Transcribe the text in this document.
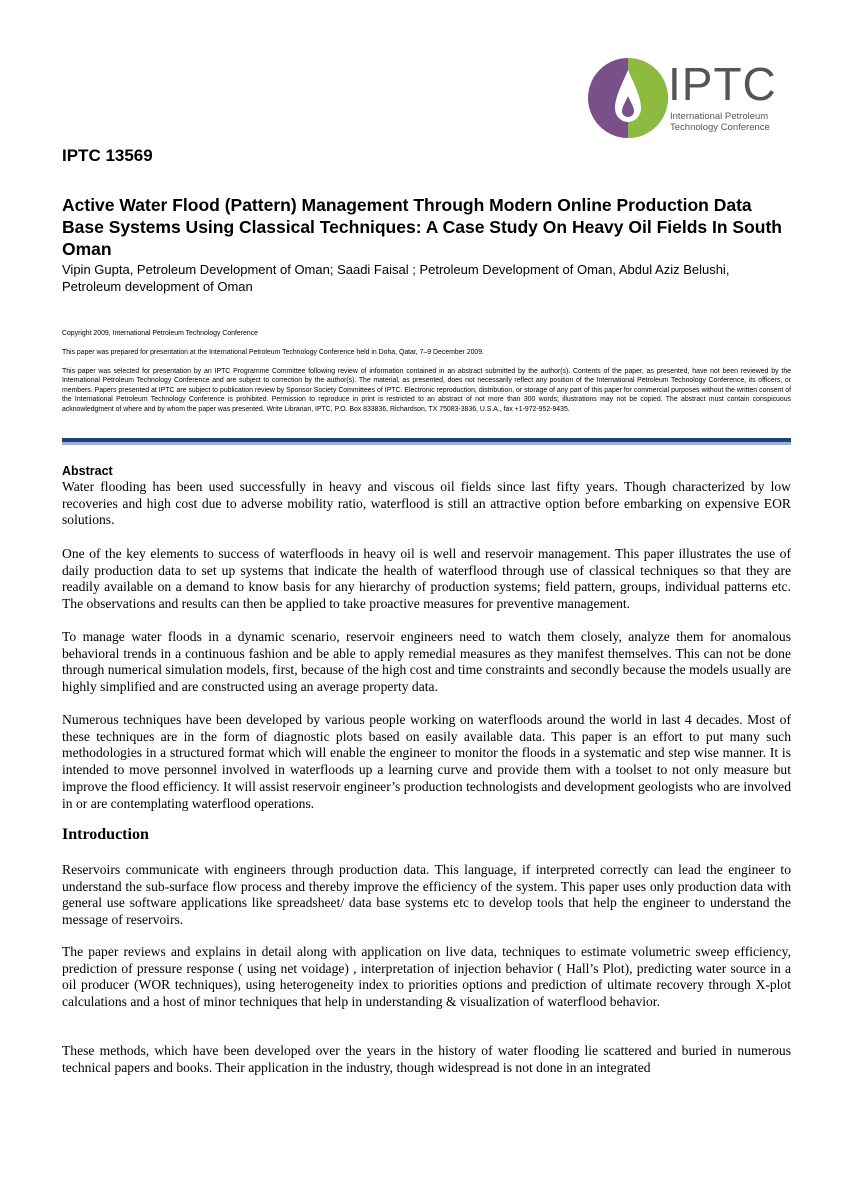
IPTC
International Petroleum
Technology Conference
IPTC 13569
Active Water Flood (Pattern) Management Through Modern Online Production Data Base Systems Using Classical Techniques: A Case Study On Heavy Oil Fields In South Oman
Vipin Gupta, Petroleum Development of Oman; Saadi Faisal ; Petroleum Development of Oman, Abdul Aziz Belushi, Petroleum development of Oman
Copyright 2009, International Petroleum Technology Conference
This paper was prepared for presentation at the International Petroleum Technology Conference held in Doha, Qatar, 7–9 December 2009.
This paper was selected for presentation by an IPTC Programme Committee following review of information contained in an abstract submitted by the author(s). Contents of the paper, as presented, have not been reviewed by the International Petroleum Technology Conference and are subject to correction by the author(s). The material, as presented, does not necessarily reflect any position of the International Petroleum Technology Conference, its officers, or members. Papers presented at IPTC are subject to publication review by Sponsor Society Committees of IPTC. Electronic reproduction, distribution, or storage of any part of this paper for commercial purposes without the written consent of the International Petroleum Technology Conference is prohibited. Permission to reproduce in print is restricted to an abstract of not more than 300 words; illustrations may not be copied. The abstract must contain conspicuous acknowledgment of where and by whom the paper was presented. Write Librarian, IPTC, P.O. Box 833836, Richardson, TX 75083-3836, U.S.A., fax +1-972-952-9435.
Abstract

Water flooding has been used successfully in heavy and viscous oil fields since last fifty years. Though characterized by low recoveries and high cost due to adverse mobility ratio, waterflood is still an attractive option before embarking on expensive EOR solutions.

One of the key elements to success of waterfloods in heavy oil is well and reservoir management. This paper illustrates the use of daily production data to set up systems that indicate the health of waterflood through use of classical techniques so that they are readily available on a demand to know basis for any hierarchy of production systems; field pattern, groups, individual patterns etc. The observations and results can then be applied to take proactive measures for preventive management.

To manage water floods in a dynamic scenario, reservoir engineers need to watch them closely, analyze them for anomalous behavioral trends in a continuous fashion and be able to apply remedial measures as they manifest themselves. This can not be done through numerical simulation models, first, because of the high cost and time constraints and secondly because the models usually are highly simplified and are constructed using an average property data.

Numerous techniques have been developed by various people working on waterfloods around the world in last 4 decades. Most of these techniques are in the form of diagnostic plots based on easily available data. This paper is an effort to put many such methodologies in a structured format which will enable the engineer to monitor the floods in a systematic and step wise manner. It is intended to move personnel involved in waterfloods up a learning curve and provide them with a toolset to not only measure but improve the flood efficiency. It will assist reservoir engineer’s production technologists and development geologists who are involved in or are contemplating waterflood operations.

Introduction

Reservoirs communicate with engineers through production data. This language, if interpreted correctly can lead the engineer to understand the sub-surface flow process and thereby improve the efficiency of the system. This paper uses only production data with general use software applications like spreadsheet/ data base systems etc to develop tools that help the engineer to understand the message of reservoirs.

The paper reviews and explains in detail along with application on live data, techniques to estimate volumetric sweep efficiency, prediction of pressure response ( using net voidage) , interpretation of injection behavior ( Hall’s Plot), predicting water source in a oil producer (WOR techniques), using heterogeneity index to priorities options and prediction of ultimate recovery through X-plot calculations and a host of minor techniques that help in understanding & visualization of waterflood behavior.

These methods, which have been developed over the years in the history of water flooding lie scattered and buried in numerous technical papers and books. Their application in the industry, though widespread is not done in an integrated
